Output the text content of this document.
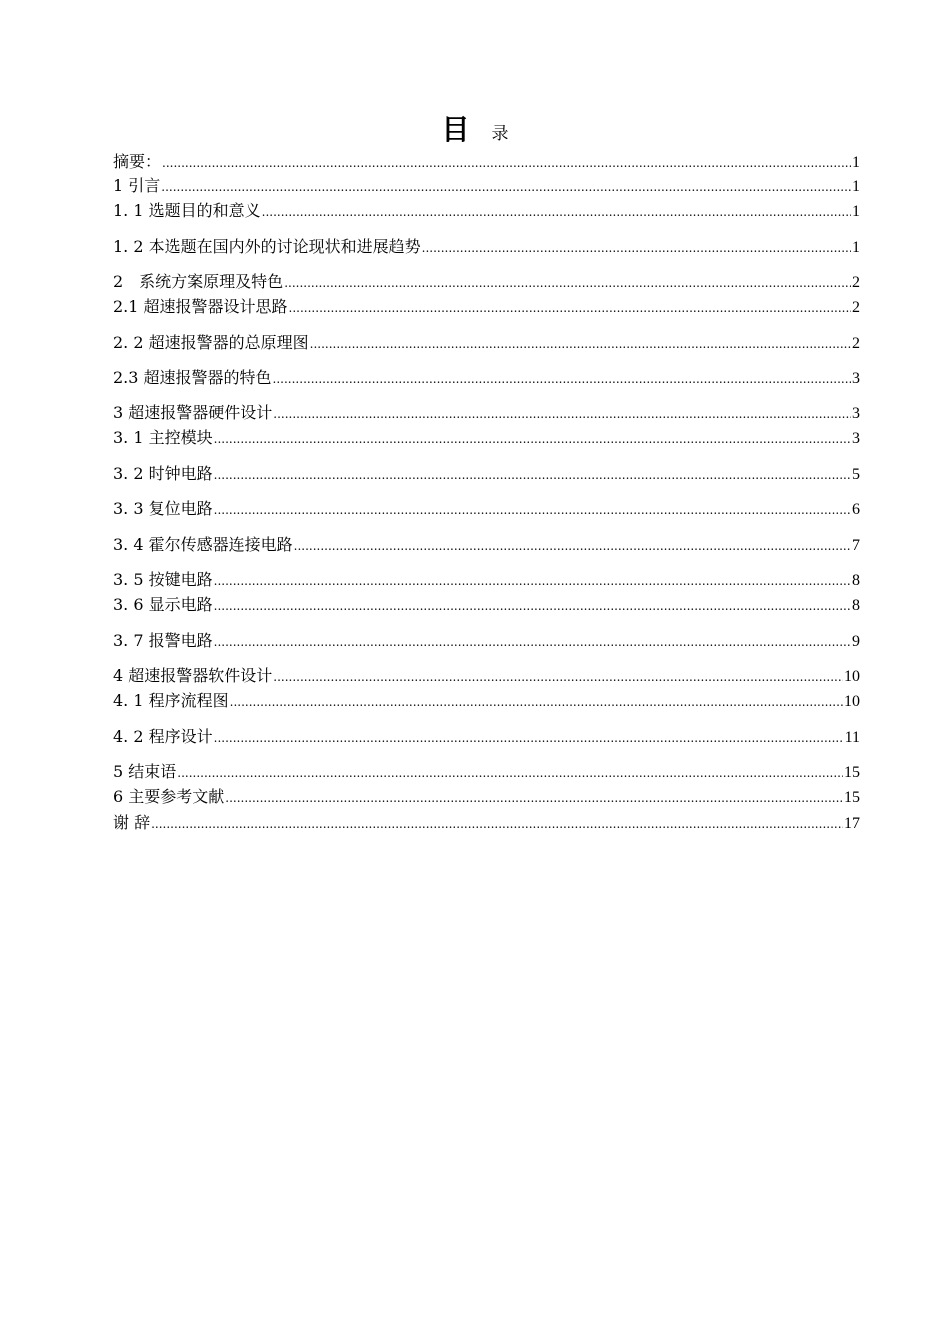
目 录
摘要： .....	1
1 引言 .....	1
1. 1 选题目的和意义 .....	1
1. 2 本选题在国内外的讨论现状和进展趋势 .....	1
2　系统方案原理及特色 .....	2
2.1 超速报警器设计思路 .....	2
2. 2 超速报警器的总原理图 .....	2
2.3 超速报警器的特色 .....	3
3 超速报警器硬件设计 .....	3
3. 1 主控模块 .....	3
3. 2 时钟电路 .....	5
3. 3 复位电路 .....	6
3. 4 霍尔传感器连接电路 .....	7
3. 5 按键电路 .....	8
3. 6 显示电路 .....	8
3. 7 报警电路 .....	9
4 超速报警器软件设计 .....	10
4. 1 程序流程图 .....	10
4. 2 程序设计 .....	11
5 结束语 .....	15
6 主要参考文献 .....	15
谢 辞 .....	17
